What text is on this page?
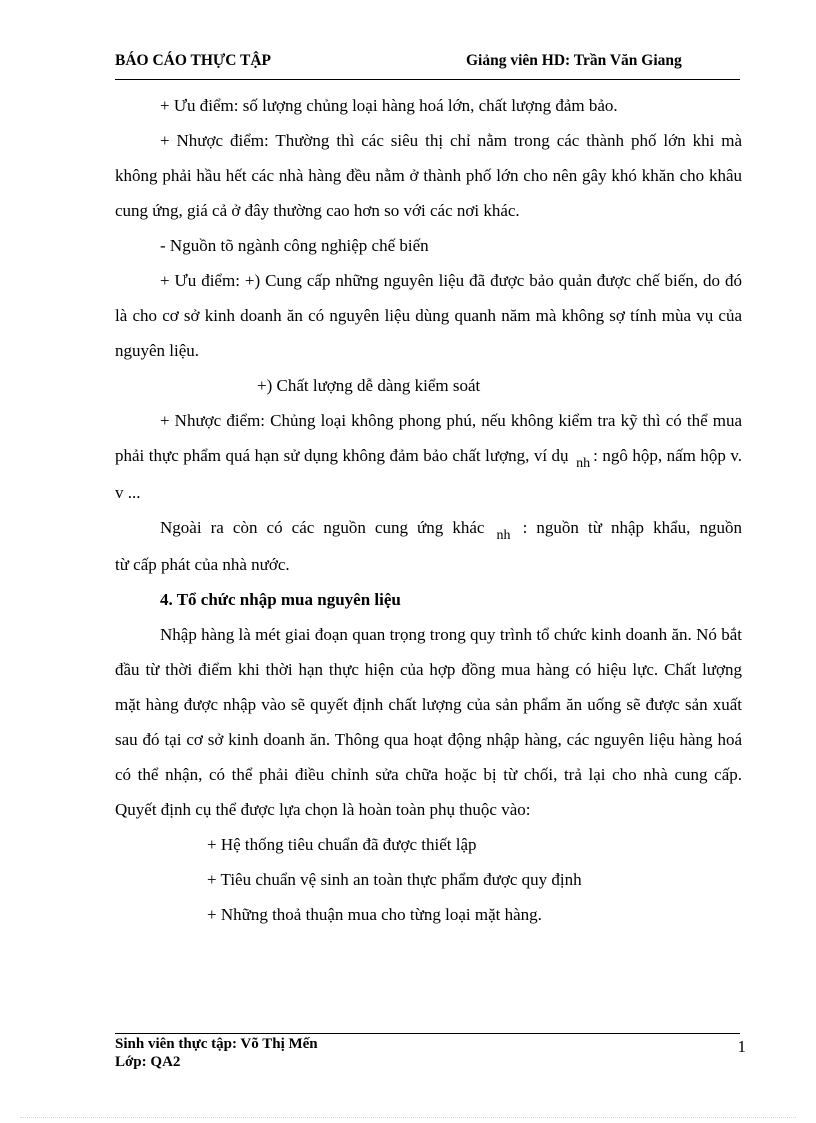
BÁO CÁO THỰC TẬP	Giảng viên HD: Trần Văn Giang

+ Ưu điểm: số lượng chủng loại hàng hoá lớn, chất lượng đảm bảo.

+ Nhược điểm: Thường thì các siêu thị chỉ nằm trong các thành phố lớn khi mà không phải hầu hết các nhà hàng đều nằm ở thành phố lớn cho nên gây khó khăn cho khâu cung ứng, giá cả ở đây thường cao hơn so với các nơi khác.

- Nguồn tõ ngành công nghiệp chế biến

+ Ưu điểm: +) Cung cấp những nguyên liệu đã được bảo quản được chế biến, do đó là cho cơ sở kinh doanh ăn có nguyên liệu dùng quanh năm mà không sợ tính mùa vụ của nguyên liệu.

+) Chất lượng dễ dàng kiểm soát

+ Nhược điểm: Chủng loại không phong phú, nếu không kiểm tra kỹ thì có thể mua phải thực phẩm quá hạn sử dụng không đảm bảo chất lượng, ví dụ $_{nh}$ : ngô hộp, nấm hộp v. v ...

Ngoài ra còn có các nguồn cung ứng khác $_{nh}$ : nguồn từ nhập khẩu, nguồn

từ cấp phát của nhà nước.

4. Tổ chức nhập mua nguyên liệu

Nhập hàng là mét giai đoạn quan trọng trong quy trình tổ chức kinh doanh ăn. Nó bắt đầu từ thời điểm khi thời hạn thực hiện của hợp đồng mua hàng có hiệu lực. Chất lượng mặt hàng được nhập vào sẽ quyết định chất lượng của sản phẩm ăn uống sẽ được sản xuất sau đó tại cơ sở kinh doanh ăn. Thông qua hoạt động nhập hàng, các nguyên liệu hàng hoá có thể nhận, có thể phải điều chỉnh sửa chữa hoặc bị từ chối, trả lại cho nhà cung cấp. Quyết định cụ thể được lựa chọn là hoàn toàn phụ thuộc vào:

+ Hệ thống tiêu chuẩn đã được thiết lập

+ Tiêu chuẩn vệ sinh an toàn thực phẩm được quy định

+ Những thoả thuận mua cho từng loại mặt hàng.

Sinh viên thực tập: Võ Thị Mến
Lớp: QA2
1
